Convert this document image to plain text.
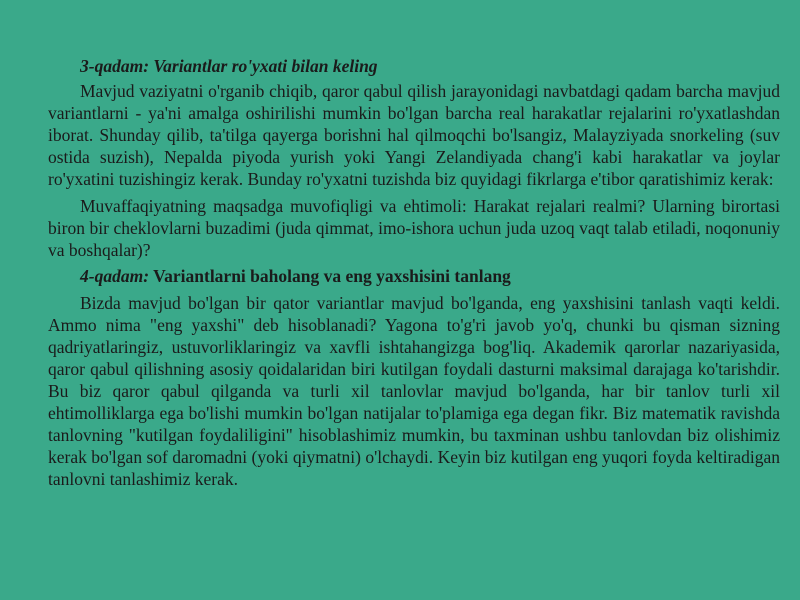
3-qadam: Variantlar ro'yxati bilan keling

Mavjud vaziyatni o'rganib chiqib, qaror qabul qilish jarayonidagi navbatdagi qadam barcha mavjud variantlarni - ya'ni amalga oshirilishi mumkin bo'lgan barcha real harakatlar rejalarini ro'yxatlashdan iborat. Shunday qilib, ta'tilga qayerga borishni hal qilmoqchi bo'lsangiz, Malayziyada snorkeling (suv ostida suzish), Nepalda piyoda yurish yoki Yangi Zelandiyada chang'i kabi harakatlar va joylar ro'yxatini tuzishingiz kerak. Bunday ro'yxatni tuzishda biz quyidagi fikrlarga e'tibor qaratishimiz kerak:

Muvaffaqiyatning maqsadga muvofiqligi va ehtimoli: Harakat rejalari realmi? Ularning birortasi biron bir cheklovlarni buzadimi (juda qimmat, imo-ishora uchun juda uzoq vaqt talab etiladi, noqonuniy va boshqalar)?

4-qadam: Variantlarni baholang va eng yaxshisini tanlang

Bizda mavjud bo'lgan bir qator variantlar mavjud bo'lganda, eng yaxshisini tanlash vaqti keldi. Ammo nima "eng yaxshi" deb hisoblanadi? Yagona to'g'ri javob yo'q, chunki bu qisman sizning qadriyatlaringiz, ustuvorliklaringiz va xavfli ishtahangizga bog'liq. Akademik qarorlar nazariyasida, qaror qabul qilishning asosiy qoidalaridan biri kutilgan foydali dasturni maksimal darajaga ko'tarishdir. Bu biz qaror qabul qilganda va turli xil tanlovlar mavjud bo'lganda, har bir tanlov turli xil ehtimolliklarga ega bo'lishi mumkin bo'lgan natijalar to'plamiga ega degan fikr. Biz matematik ravishda tanlovning "kutilgan foydaliligini" hisoblashimiz mumkin, bu taxminan ushbu tanlovdan biz olishimiz kerak bo'lgan sof daromadni (yoki qiymatni) o'lchaydi. Keyin biz kutilgan eng yuqori foyda keltiradigan tanlovni tanlashimiz kerak.
